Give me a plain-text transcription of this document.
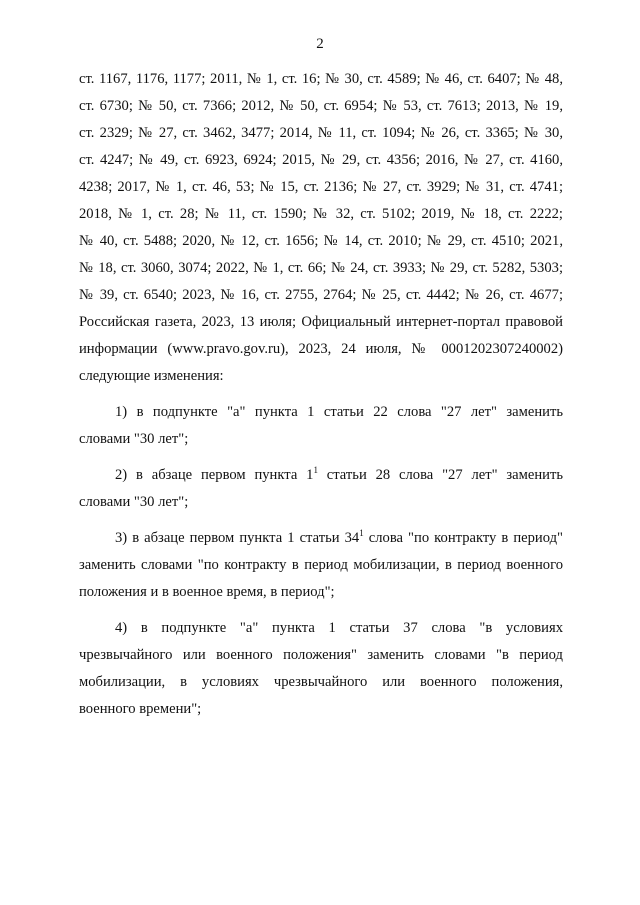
2
ст. 1167, 1176, 1177; 2011, № 1, ст. 16; № 30, ст. 4589; № 46, ст. 6407; № 48,
ст. 6730; № 50, ст. 7366; 2012, № 50, ст. 6954; № 53, ст. 7613; 2013, № 19,
ст. 2329; № 27, ст. 3462, 3477; 2014, № 11, ст. 1094; № 26, ст. 3365; № 30,
ст. 4247; № 49, ст. 6923, 6924; 2015, № 29, ст. 4356; 2016, № 27, ст. 4160,
4238; 2017, № 1, ст. 46, 53; № 15, ст. 2136; № 27, ст. 3929; № 31, ст. 4741;
2018, № 1, ст. 28; № 11, ст. 1590; № 32, ст. 5102; 2019, № 18, ст. 2222;
№ 40, ст. 5488; 2020, № 12, ст. 1656; № 14, ст. 2010; № 29, ст. 4510; 2021,
№ 18, ст. 3060, 3074; 2022, № 1, ст. 66; № 24, ст. 3933; № 29, ст. 5282, 5303;
№ 39, ст. 6540; 2023, № 16, ст. 2755, 2764; № 25, ст. 4442; № 26, ст. 4677;
Российская газета, 2023, 13 июля; Официальный интернет-портал правовой
информации (www.pravo.gov.ru), 2023, 24 июля, № 0001202307240002)
следующие изменения:
1) в подпункте "а" пункта 1 статьи 22 слова "27 лет" заменить
словами "30 лет";
2) в абзаце первом пункта $1^1$ статьи 28 слова "27 лет" заменить
словами "30 лет";
3) в абзаце первом пункта 1 статьи $34^1$ слова "по контракту в период"
заменить словами "по контракту в период мобилизации, в период военного
положения и в военное время, в период";
4) в подпункте "а" пункта 1 статьи 37 слова "в условиях
чрезвычайного или военного положения" заменить словами "в период
мобилизации, в условиях чрезвычайного или военного положения,
военного времени";
